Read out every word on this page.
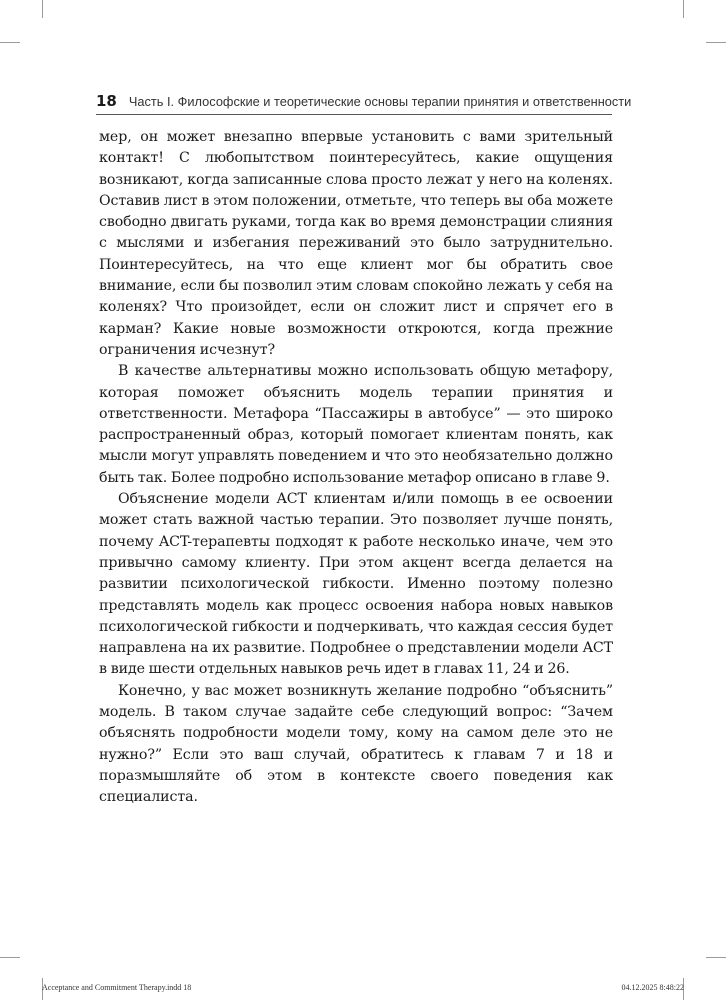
18 Часть I. Философские и теоретические основы терапии принятия и ответственности

мер, он может внезапно впервые установить с вами зрительный контакт! С любопытством поинтересуйтесь, какие ощущения возникают, когда записанные слова просто лежат у него на коленях. Оставив лист в этом положении, отметьте, что теперь вы оба можете свободно двигать руками, тогда как во время демонстрации слияния с мыслями и избегания переживаний это было затруднительно. Поинтересуйтесь, на что еще клиент мог бы обратить свое внимание, если бы позволил этим словам спокойно лежать у себя на коленях? Что произойдет, если он сложит лист и спрячет его в карман? Какие новые возможности откроются, когда прежние ограничения исчезнут?

В качестве альтернативы можно использовать общую метафору, которая поможет объяснить модель терапии принятия и ответственности. Метафора “Пассажиры в автобусе” — это широко распространенный образ, который помогает клиентам понять, как мысли могут управлять поведением и что это необязательно должно быть так. Более подробно использование метафор описано в главе 9.

Объяснение модели ACT клиентам и/или помощь в ее освоении может стать важной частью терапии. Это позволяет лучше понять, почему ACT-терапевты подходят к работе несколько иначе, чем это привычно самому клиенту. При этом акцент всегда делается на развитии психологической гибкости. Именно поэтому полезно представлять модель как процесс освоения набора новых навыков психологической гибкости и подчеркивать, что каждая сессия будет направлена на их развитие. Подробнее о представлении модели ACT в виде шести отдельных навыков речь идет в главах 11, 24 и 26.

Конечно, у вас может возникнуть желание подробно “объяснить” модель. В таком случае задайте себе следующий вопрос: “Зачем объяснять подробности модели тому, кому на самом деле это не нужно?” Если это ваш случай, обратитесь к главам 7 и 18 и поразмышляйте об этом в контексте своего поведения как специалиста.

Acceptance and Commitment Therapy.indd 18	04.12.2025 8:48:22
